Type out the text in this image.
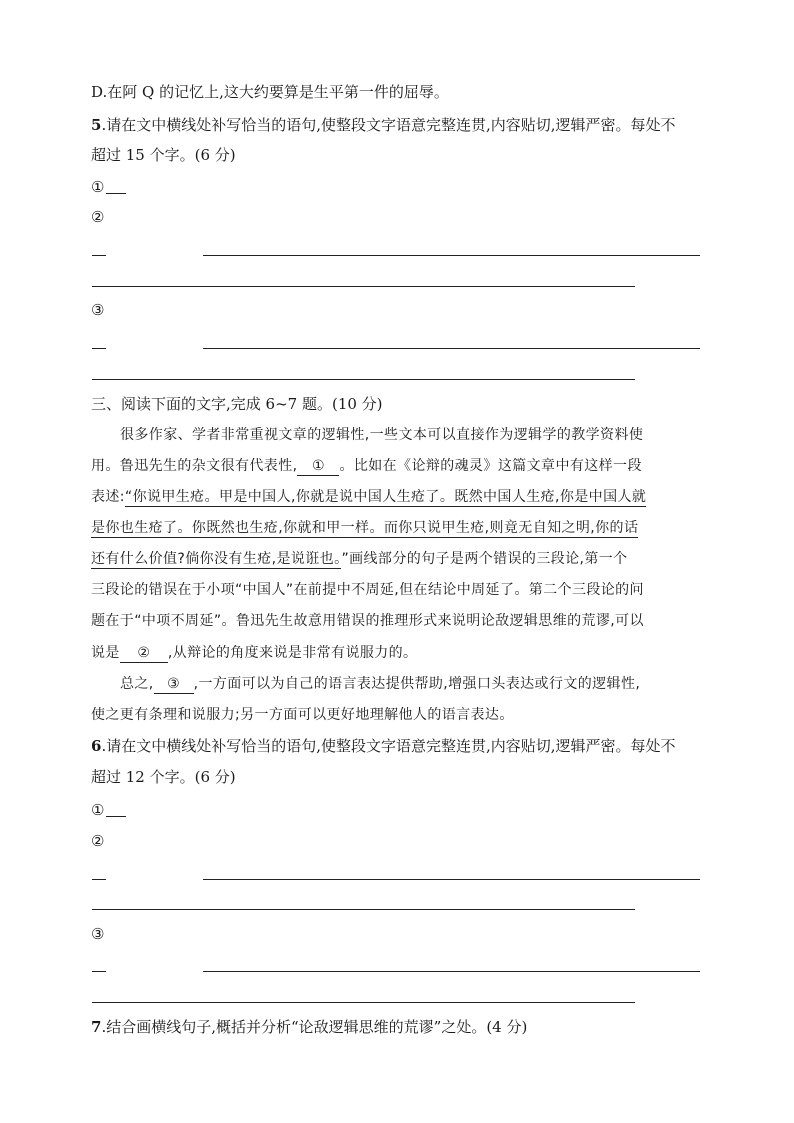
D.在阿 Q 的记忆上,这大约要算是生平第一件的屈辱。
5.请在文中横线处补写恰当的语句,使整段文字语意完整连贯,内容贴切,逻辑严密。每处不
超过 15 个字。(6 分)
①
②
③
三、阅读下面的文字,完成 6~7 题。(10 分)
很多作家、学者非常重视文章的逻辑性,一些文本可以直接作为逻辑学的教学资料使
用。鲁迅先生的杂文很有代表性, ① 。比如在《论辩的魂灵》这篇文章中有这样一段
表述:“你说甲生疮。甲是中国人,你就是说中国人生疮了。既然中国人生疮,你是中国人就
是你也生疮了。你既然也生疮,你就和甲一样。而你只说甲生疮,则竟无自知之明,你的话
还有什么价值?倘你没有生疮,是说诳也。”画线部分的句子是两个错误的三段论,第一个
三段论的错误在于小项“中国人”在前提中不周延,但在结论中周延了。第二个三段论的问
题在于“中项不周延”。鲁迅先生故意用错误的推理形式来说明论敌逻辑思维的荒谬,可以
说是 ② ,从辩论的角度来说是非常有说服力的。
总之, ③ ,一方面可以为自己的语言表达提供帮助,增强口头表达或行文的逻辑性,
使之更有条理和说服力;另一方面可以更好地理解他人的语言表达。
6.请在文中横线处补写恰当的语句,使整段文字语意完整连贯,内容贴切,逻辑严密。每处不
超过 12 个字。(6 分)
①
②
③
7.结合画横线句子,概括并分析“论敌逻辑思维的荒谬”之处。(4 分)
